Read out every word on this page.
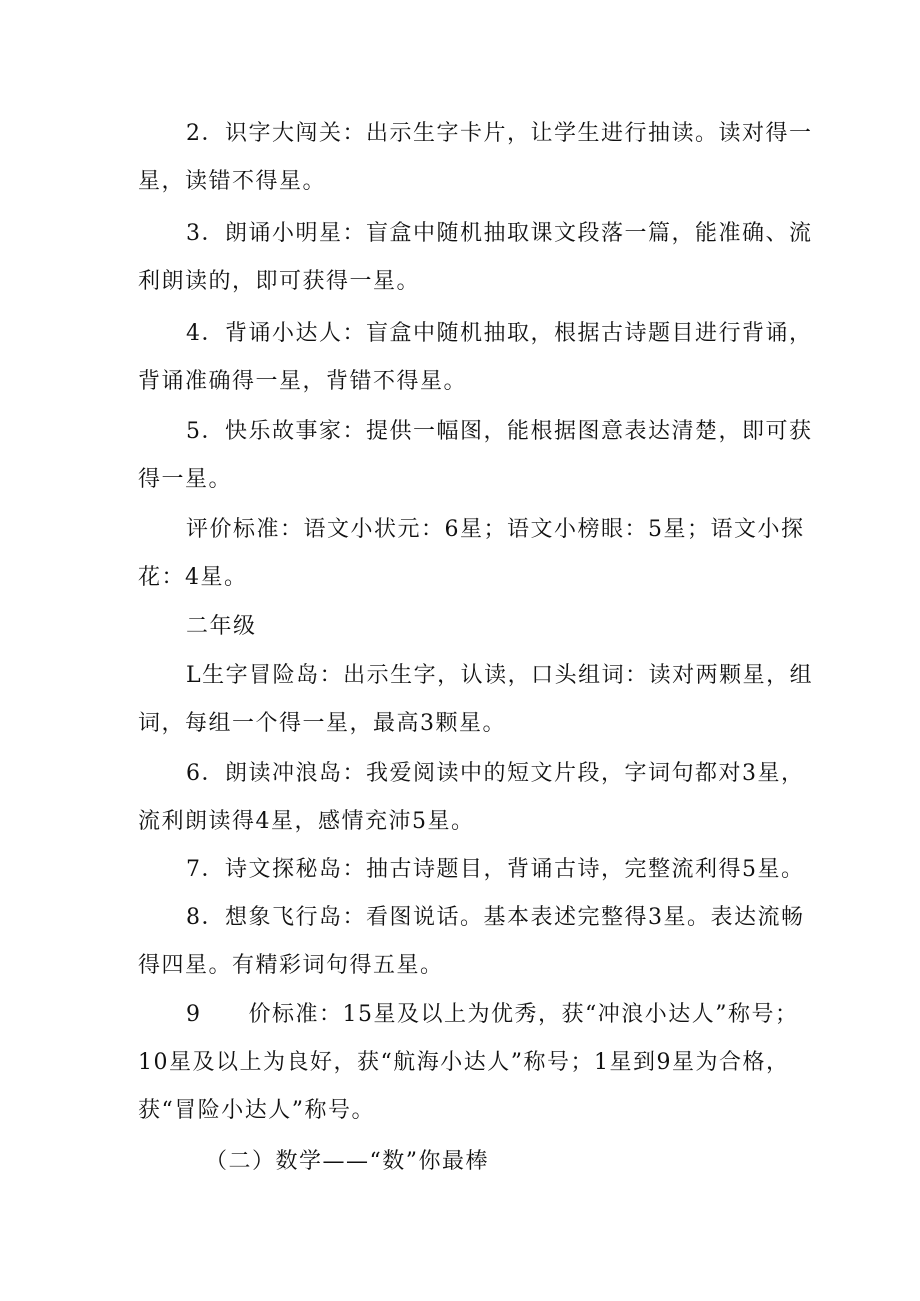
2．识字大闯关：出示生字卡片，让学生进行抽读。读对得一
星，读错不得星。
3．朗诵小明星：盲盒中随机抽取课文段落一篇，能准确、流
利朗读的，即可获得一星。
4．背诵小达人：盲盒中随机抽取，根据古诗题目进行背诵，
背诵准确得一星，背错不得星。
5．快乐故事家：提供一幅图，能根据图意表达清楚，即可获
得一星。
评价标准：语文小状元：6星；语文小榜眼：5星；语文小探
花：4星。
二年级
L生字冒险岛：出示生字，认读，口头组词：读对两颗星，组
词，每组一个得一星，最高3颗星。
6．朗读冲浪岛：我爱阅读中的短文片段，字词句都对3星，
流利朗读得4星，感情充沛5星。
7．诗文探秘岛：抽古诗题目，背诵古诗，完整流利得5星。
8．想象飞行岛：看图说话。基本表述完整得3星。表达流畅
得四星。有精彩词句得五星。
9　　价标准：15星及以上为优秀，获“冲浪小达人”称号；
10星及以上为良好，获“航海小达人”称号；1星到9星为合格，
获“冒险小达人”称号。
（二）数学——“数”你最棒
